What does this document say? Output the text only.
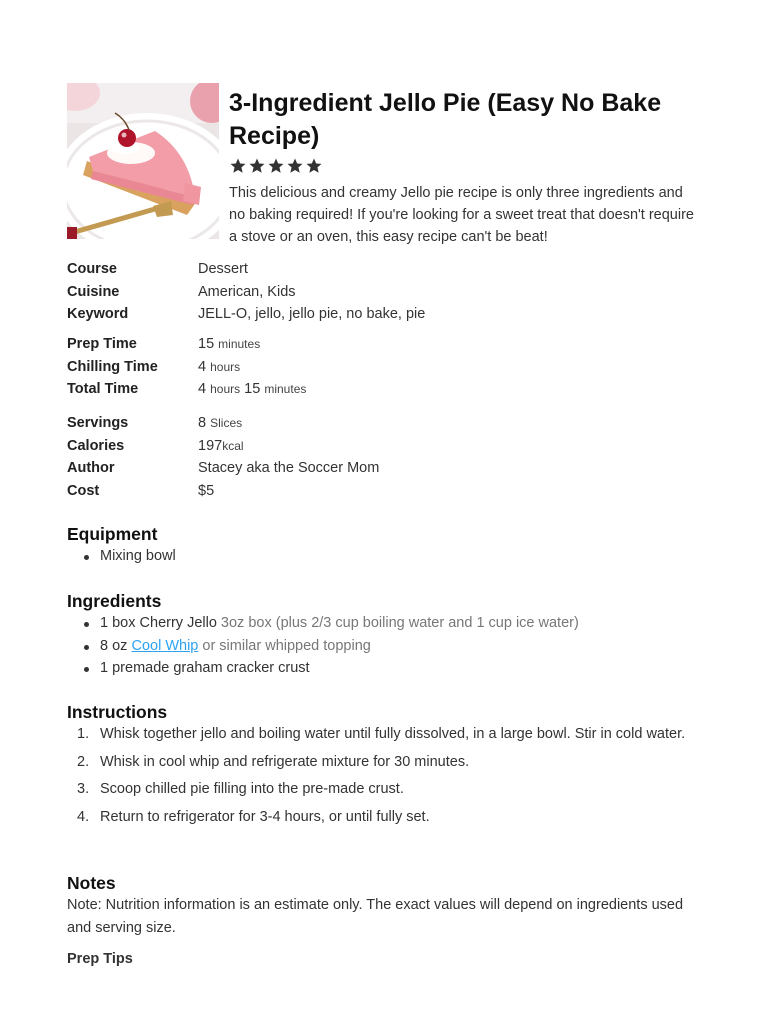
3-Ingredient Jello Pie (Easy No Bake Recipe)

This delicious and creamy Jello pie recipe is only three ingredients and no baking required! If you're looking for a sweet treat that doesn't require a stove or an oven, this easy recipe can't be beat!

Course	Dessert
Cuisine	American, Kids
Keyword	JELL-O, jello, jello pie, no bake, pie
Prep Time	15 minutes
Chilling Time	4 hours
Total Time	4 hours 15 minutes
Servings	8 Slices
Calories	197kcal
Author	Stacey aka the Soccer Mom
Cost	$5
Equipment
Mixing bowl
Ingredients
1 box Cherry Jello 3oz box (plus 2/3 cup boiling water and 1 cup ice water)
8 oz Cool Whip or similar whipped topping
1 premade graham cracker crust
Instructions
1. Whisk together jello and boiling water until fully dissolved, in a large bowl. Stir in cold water.
2. Whisk in cool whip and refrigerate mixture for 30 minutes.
3. Scoop chilled pie filling into the pre-made crust.
4. Return to refrigerator for 3-4 hours, or until fully set.
Notes

Note: Nutrition information is an estimate only. The exact values will depend on ingredients used and serving size.

Prep Tips
